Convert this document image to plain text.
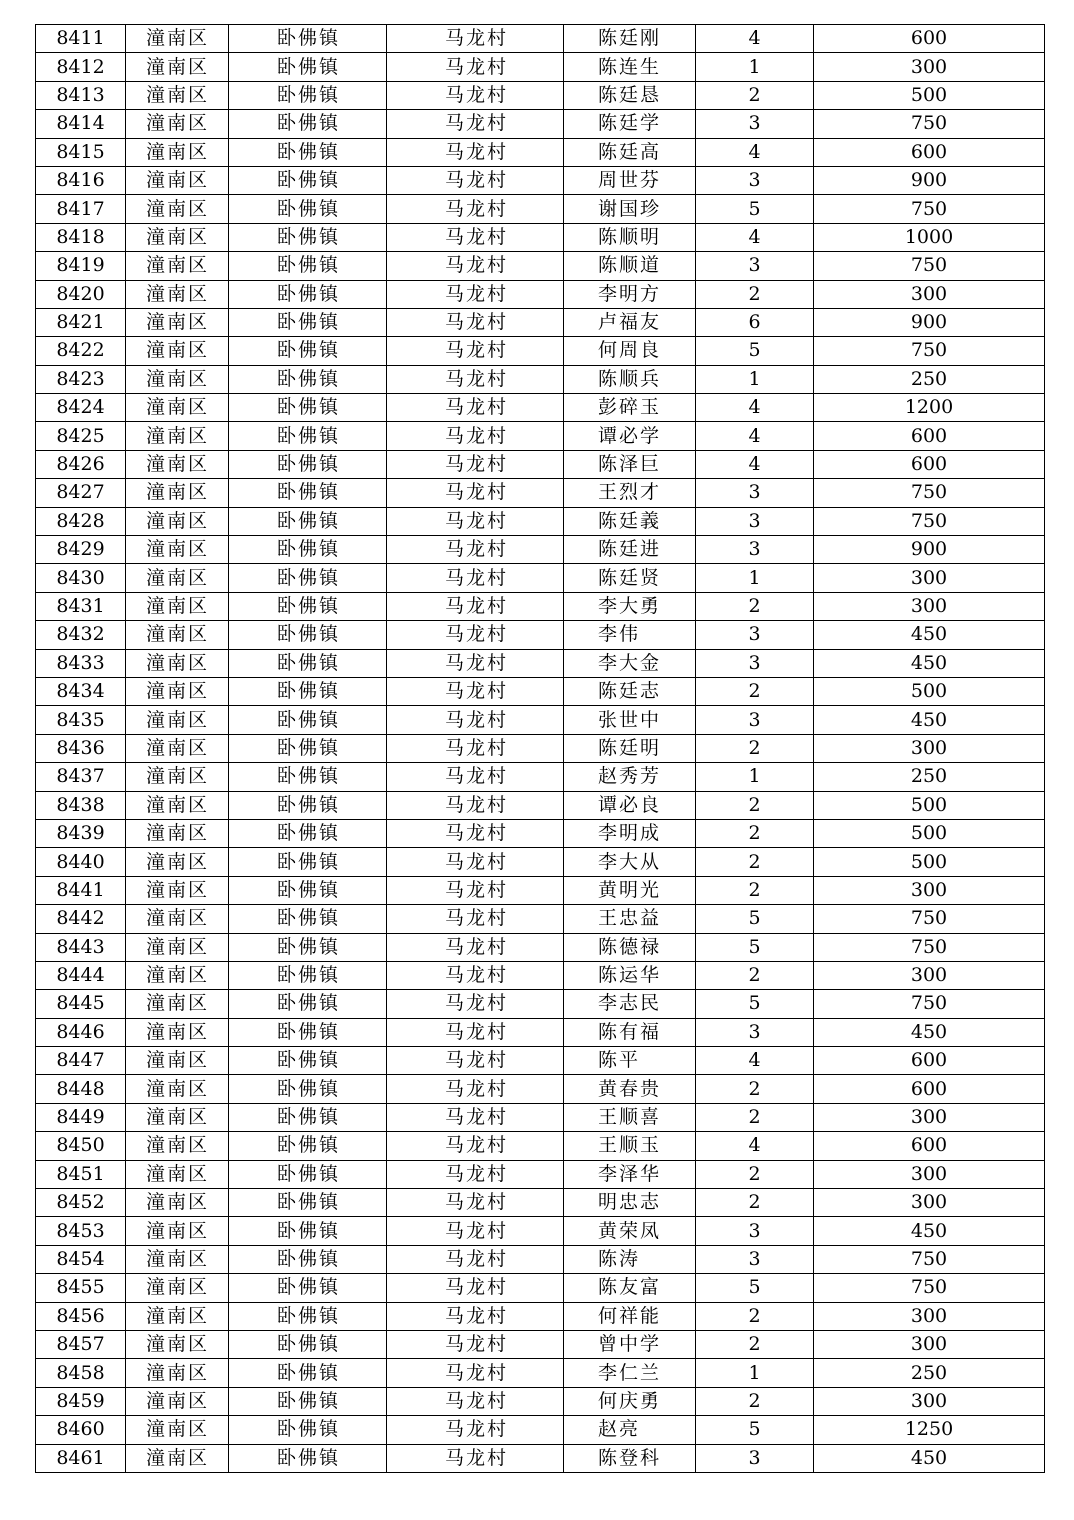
8411	潼南区	卧佛镇	马龙村	陈廷刚	4	600
8412	潼南区	卧佛镇	马龙村	陈连生	1	300
8413	潼南区	卧佛镇	马龙村	陈廷恳	2	500
8414	潼南区	卧佛镇	马龙村	陈廷学	3	750
8415	潼南区	卧佛镇	马龙村	陈廷高	4	600
8416	潼南区	卧佛镇	马龙村	周世芬	3	900
8417	潼南区	卧佛镇	马龙村	谢国珍	5	750
8418	潼南区	卧佛镇	马龙村	陈顺明	4	1000
8419	潼南区	卧佛镇	马龙村	陈顺道	3	750
8420	潼南区	卧佛镇	马龙村	李明方	2	300
8421	潼南区	卧佛镇	马龙村	卢福友	6	900
8422	潼南区	卧佛镇	马龙村	何周良	5	750
8423	潼南区	卧佛镇	马龙村	陈顺兵	1	250
8424	潼南区	卧佛镇	马龙村	彭碎玉	4	1200
8425	潼南区	卧佛镇	马龙村	谭必学	4	600
8426	潼南区	卧佛镇	马龙村	陈泽巨	4	600
8427	潼南区	卧佛镇	马龙村	王烈才	3	750
8428	潼南区	卧佛镇	马龙村	陈廷義	3	750
8429	潼南区	卧佛镇	马龙村	陈廷进	3	900
8430	潼南区	卧佛镇	马龙村	陈廷贤	1	300
8431	潼南区	卧佛镇	马龙村	李大勇	2	300
8432	潼南区	卧佛镇	马龙村	李伟	3	450
8433	潼南区	卧佛镇	马龙村	李大金	3	450
8434	潼南区	卧佛镇	马龙村	陈廷志	2	500
8435	潼南区	卧佛镇	马龙村	张世中	3	450
8436	潼南区	卧佛镇	马龙村	陈廷明	2	300
8437	潼南区	卧佛镇	马龙村	赵秀芳	1	250
8438	潼南区	卧佛镇	马龙村	谭必良	2	500
8439	潼南区	卧佛镇	马龙村	李明成	2	500
8440	潼南区	卧佛镇	马龙村	李大从	2	500
8441	潼南区	卧佛镇	马龙村	黄明光	2	300
8442	潼南区	卧佛镇	马龙村	王忠益	5	750
8443	潼南区	卧佛镇	马龙村	陈德禄	5	750
8444	潼南区	卧佛镇	马龙村	陈运华	2	300
8445	潼南区	卧佛镇	马龙村	李志民	5	750
8446	潼南区	卧佛镇	马龙村	陈有福	3	450
8447	潼南区	卧佛镇	马龙村	陈平	4	600
8448	潼南区	卧佛镇	马龙村	黄春贵	2	600
8449	潼南区	卧佛镇	马龙村	王顺喜	2	300
8450	潼南区	卧佛镇	马龙村	王顺玉	4	600
8451	潼南区	卧佛镇	马龙村	李泽华	2	300
8452	潼南区	卧佛镇	马龙村	明忠志	2	300
8453	潼南区	卧佛镇	马龙村	黄荣凤	3	450
8454	潼南区	卧佛镇	马龙村	陈涛	3	750
8455	潼南区	卧佛镇	马龙村	陈友富	5	750
8456	潼南区	卧佛镇	马龙村	何祥能	2	300
8457	潼南区	卧佛镇	马龙村	曾中学	2	300
8458	潼南区	卧佛镇	马龙村	李仁兰	1	250
8459	潼南区	卧佛镇	马龙村	何庆勇	2	300
8460	潼南区	卧佛镇	马龙村	赵亮	5	1250
8461	潼南区	卧佛镇	马龙村	陈登科	3	450
